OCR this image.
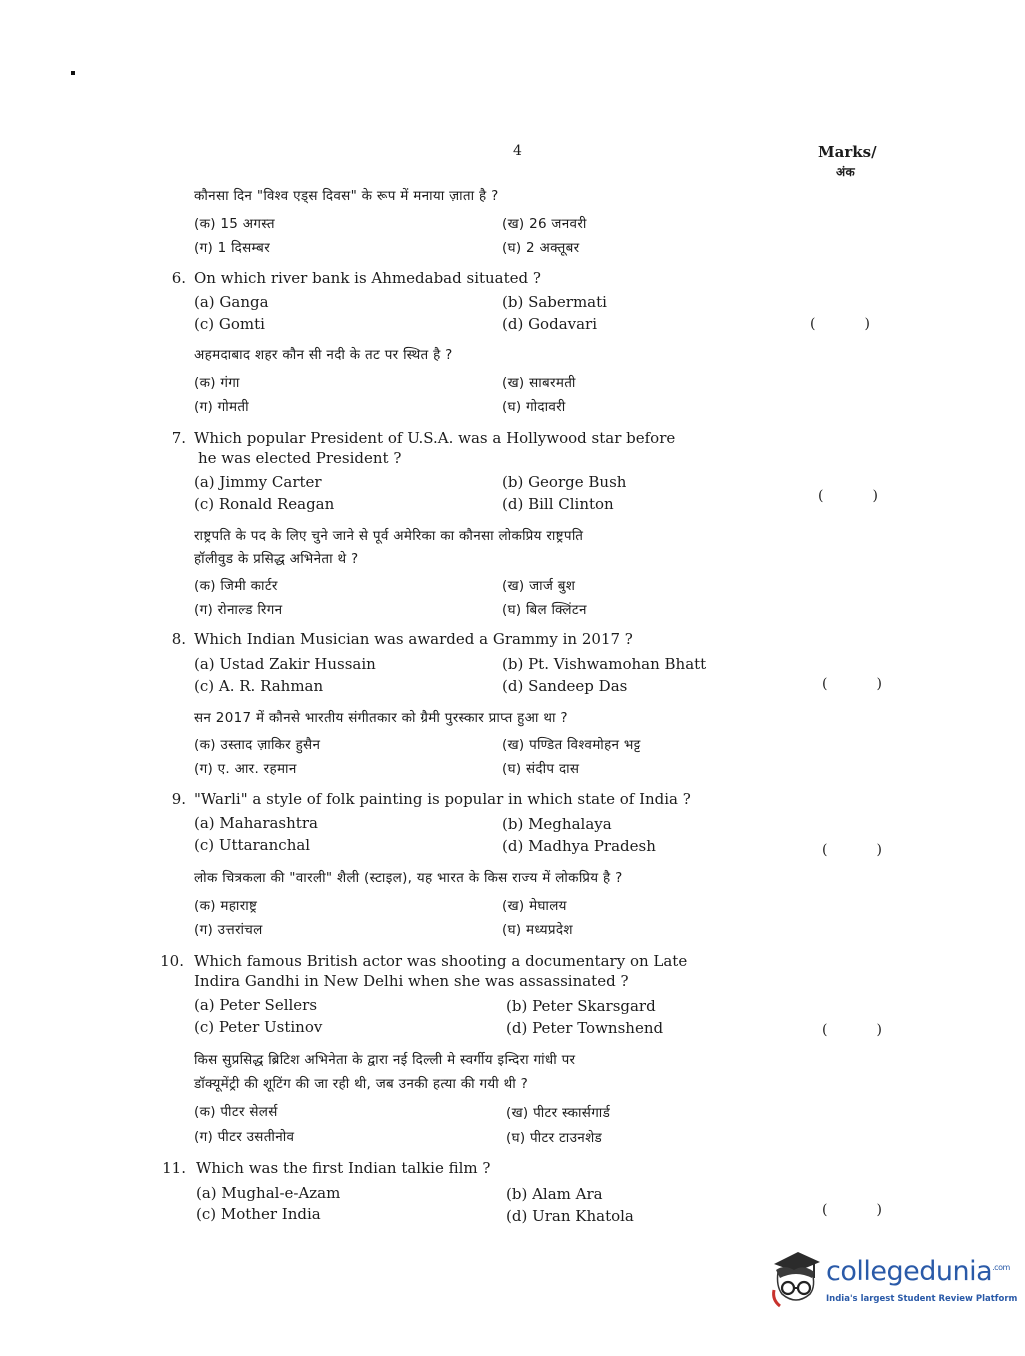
4	Marks/
अंक
कौनसा दिन "विश्व एड्स दिवस" के रूप में मनाया ज़ाता है ?
(क) 15 अगस्त	(ख) 26 जनवरी
(ग) 1 दिसम्बर	(घ) 2 अक्तूबर
6. On which river bank is Ahmedabad situated ?
(a) Ganga	(b) Sabermati
(c) Gomti	(d) Godavari	(	)
अहमदाबाद शहर कौन सी नदी के तट पर स्थित है ?
(क) गंगा	(ख) साबरमती
(ग) गोमती	(घ) गोदावरी
7. Which popular President of U.S.A. was a Hollywood star before
he was elected President ?
(a) Jimmy Carter	(b) George Bush
(c) Ronald Reagan	(d) Bill Clinton	(	)
राष्ट्रपति के पद के लिए चुने जाने से पूर्व अमेरिका का कौनसा लोकप्रिय राष्ट्रपति
हॉलीवुड के प्रसिद्ध अभिनेता थे ?
(क) जिमी कार्टर	(ख) जार्ज बुश
(ग) रोनाल्ड रिगन	(घ) बिल क्लिंटन
8. Which Indian Musician was awarded a Grammy in 2017 ?
(a) Ustad Zakir Hussain	(b) Pt. Vishwamohan Bhatt
(c) A. R. Rahman	(d) Sandeep Das	(	)
सन 2017 में कौनसे भारतीय संगीतकार को ग्रैमी पुरस्कार प्राप्त हुआ था ?
(क) उस्ताद ज़ाकिर हुसैन	(ख) पण्डित विश्वमोहन भट्ट
(ग) ए. आर. रहमान	(घ) संदीप दास
9. "Warli" a style of folk painting is popular in which state of India ?
(a) Maharashtra	(b) Meghalaya
(c) Uttaranchal	(d) Madhya Pradesh	(	)
लोक चित्रकला की "वारली" शैली (स्टाइल), यह भारत के किस राज्य में लोकप्रिय है ?
(क) महाराष्ट्र	(ख) मेघालय
(ग) उत्तरांचल	(घ) मध्यप्रदेश
10. Which famous British actor was shooting a documentary on Late
Indira Gandhi in New Delhi when she was assassinated ?
(a) Peter Sellers	(b) Peter Skarsgard
(c) Peter Ustinov	(d) Peter Townshend	(	)
किस सुप्रसिद्ध ब्रिटिश अभिनेता के द्वारा नई दिल्ली मे स्वर्गीय इन्दिरा गांधी पर
डॉक्यूमेंट्री की शूटिंग की जा रही थी, जब उनकी हत्या की गयी थी ?
(क) पीटर सेलर्स	(ख) पीटर स्कार्सगार्ड
(ग) पीटर उसतीनोव	(घ) पीटर टाउनशेड
11. Which was the first Indian talkie film ?
(a) Mughal-e-Azam	(b) Alam Ara
(c) Mother India	(d) Uran Khatola	(	)
collegedunia$^{.com}$
India's largest Student Review Platform
